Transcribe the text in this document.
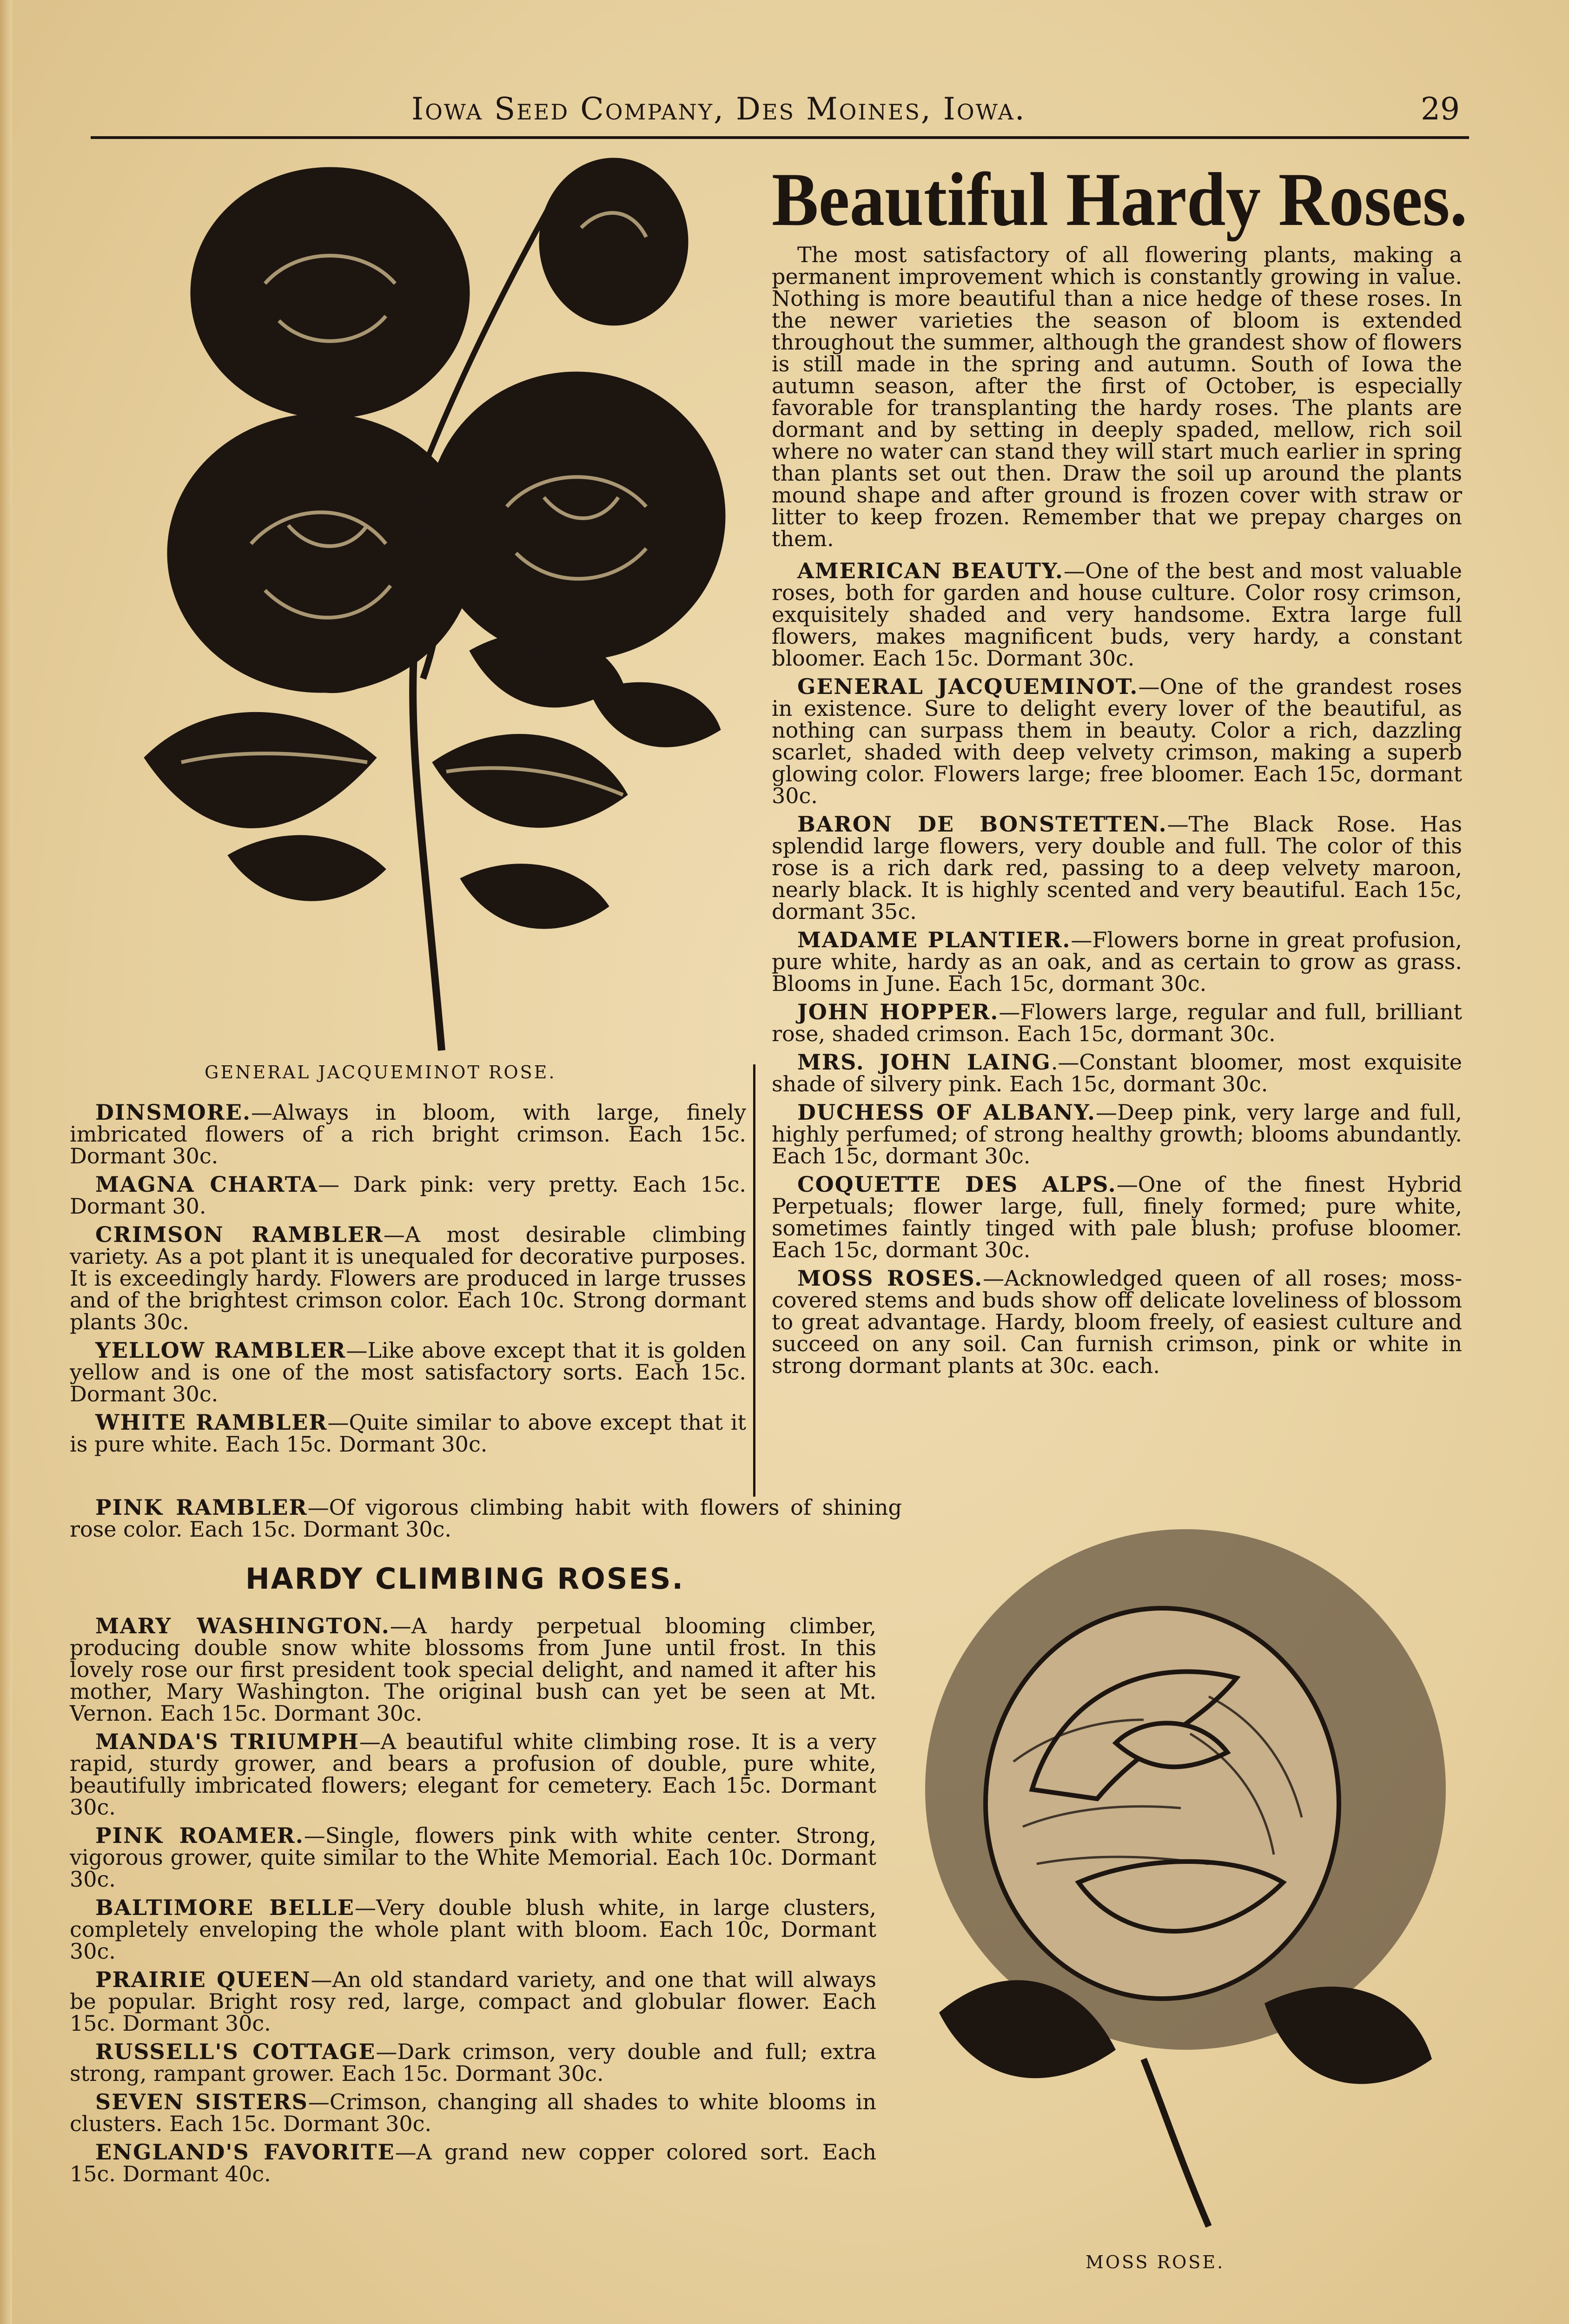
Iowa Seed Company, Des Moines, Iowa.	29
Beautiful Hardy Roses.

The most satisfactory of all flowering plants, making a permanent improvement which is constantly growing in value. Nothing is more beautiful than a nice hedge of these roses. In the newer varieties the season of bloom is extended throughout the summer, although the grandest show of flowers is still made in the spring and autumn. South of Iowa the autumn season, after the first of October, is especially favorable for transplanting the hardy roses. The plants are dormant and by setting in deeply spaded, mellow, rich soil where no water can stand they will start much earlier in spring than plants set out then. Draw the soil up around the plants mound shape and after ground is frozen cover with straw or litter to keep frozen. Remember that we prepay charges on them.

AMERICAN BEAUTY.—One of the best and most valuable roses, both for garden and house culture. Color rosy crimson, exquisitely shaded and very handsome. Extra large full flowers, makes magnificent buds, very hardy, a constant bloomer. Each 15c. Dormant 30c.

GENERAL JACQUEMINOT.—One of the grandest roses in existence. Sure to delight every lover of the beautiful, as nothing can surpass them in beauty. Color a rich, dazzling scarlet, shaded with deep velvety crimson, making a superb glowing color. Flowers large; free bloomer. Each 15c, dormant 30c.

BARON DE BONSTETTEN.—The Black Rose. Has splendid large flowers, very double and full. The color of this rose is a rich dark red, passing to a deep velvety maroon, nearly black. It is highly scented and very beautiful. Each 15c, dormant 35c.

MADAME PLANTIER.—Flowers borne in great profusion, pure white, hardy as an oak, and as certain to grow as grass. Blooms in June. Each 15c, dormant 30c.

JOHN HOPPER.—Flowers large, regular and full, brilliant rose, shaded crimson. Each 15c, dormant 30c.

MRS. JOHN LAING.—Constant bloomer, most exquisite shade of silvery pink. Each 15c, dormant 30c.

DUCHESS OF ALBANY.—Deep pink, very large and full, highly perfumed; of strong healthy growth; blooms abundantly. Each 15c, dormant 30c.

COQUETTE DES ALPS.—One of the finest Hybrid Perpetuals; flower large, full, finely formed; pure white, sometimes faintly tinged with pale blush; profuse bloomer. Each 15c, dormant 30c.

MOSS ROSES.—Acknowledged queen of all roses; moss-covered stems and buds show off delicate loveliness of blossom to great advantage. Hardy, bloom freely, of easiest culture and succeed on any soil. Can furnish crimson, pink or white in strong dormant plants at 30c. each.

GENERAL JACQUEMINOT ROSE.

DINSMORE.—Always in bloom, with large, finely imbricated flowers of a rich bright crimson. Each 15c. Dormant 30c.

MAGNA CHARTA— Dark pink: very pretty. Each 15c. Dormant 30.

CRIMSON RAMBLER—A most desirable climbing variety. As a pot plant it is unequaled for decorative purposes. It is exceedingly hardy. Flowers are produced in large trusses and of the brightest crimson color. Each 10c. Strong dormant plants 30c.

YELLOW RAMBLER—Like above except that it is golden yellow and is one of the most satisfactory sorts. Each 15c. Dormant 30c.

WHITE RAMBLER—Quite similar to above except that it is pure white. Each 15c. Dormant 30c.

PINK RAMBLER—Of vigorous climbing habit with flowers of shining rose color. Each 15c. Dormant 30c.

HARDY CLIMBING ROSES.

MARY WASHINGTON.—A hardy perpetual blooming climber, producing double snow white blossoms from June until frost. In this lovely rose our first president took special delight, and named it after his mother, Mary Washington. The original bush can yet be seen at Mt. Vernon. Each 15c. Dormant 30c.

MANDA'S TRIUMPH—A beautiful white climbing rose. It is a very rapid, sturdy grower, and bears a profusion of double, pure white, beautifully imbricated flowers; elegant for cemetery. Each 15c. Dormant 30c.

PINK ROAMER.—Single, flowers pink with white center. Strong, vigorous grower, quite similar to the White Memorial. Each 10c. Dormant 30c.

BALTIMORE BELLE—Very double blush white, in large clusters, completely enveloping the whole plant with bloom. Each 10c, Dormant 30c.

PRAIRIE QUEEN—An old standard variety, and one that will always be popular. Bright rosy red, large, compact and globular flower. Each 15c. Dormant 30c.

RUSSELL'S COTTAGE—Dark crimson, very double and full; extra strong, rampant grower. Each 15c. Dormant 30c.

SEVEN SISTERS—Crimson, changing all shades to white blooms in clusters. Each 15c. Dormant 30c.

ENGLAND'S FAVORITE—A grand new copper colored sort. Each 15c. Dormant 40c.

MOSS ROSE.
